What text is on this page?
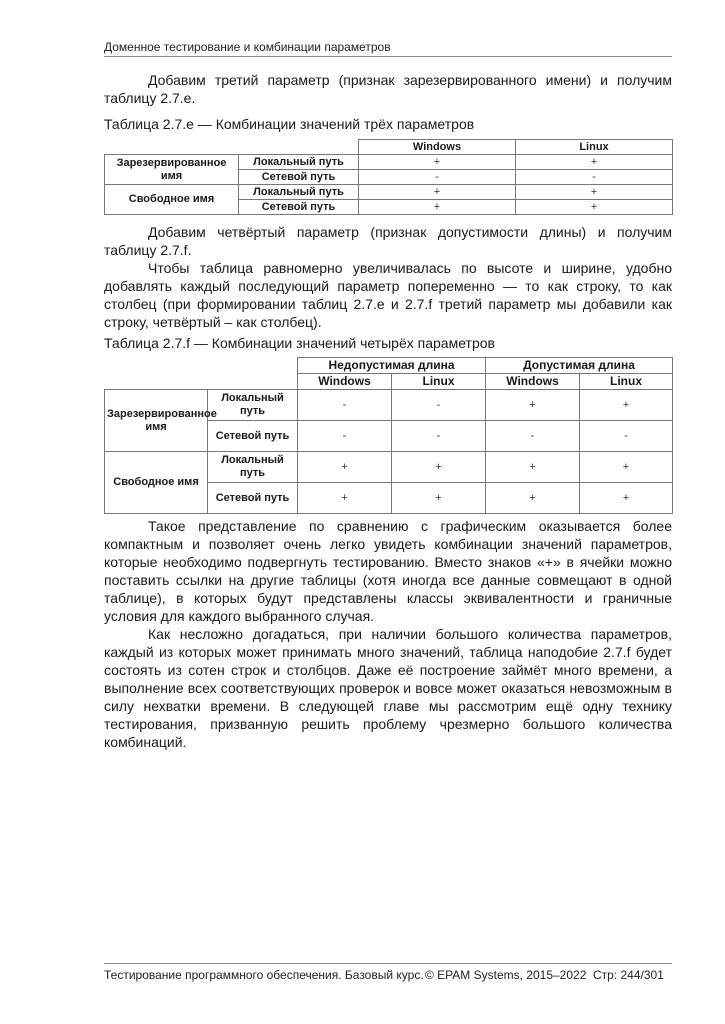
Доменное тестирование и комбинации параметров

Добавим третий параметр (признак зарезервированного имени) и получим таблицу 2.7.e.

Таблица 2.7.e — Комбинации значений трёх параметров
		Windows	Linux
Зарезервированное имя	Локальный путь	+	+
	Сетевой путь	-	-
Свободное имя	Локальный путь	+	+
	Сетевой путь	+	+

Добавим четвёртый параметр (признак допустимости длины) и получим таблицу 2.7.f.

Чтобы таблица равномерно увеличивалась по высоте и ширине, удобно добавлять каждый последующий параметр попеременно — то как строку, то как столбец (при формировании таблиц 2.7.e и 2.7.f третий параметр мы добавили как строку, четвёртый – как столбец).

Таблица 2.7.f — Комбинации значений четырёх параметров
		Недопустимая длина		Допустимая длина	
		Windows	Linux	Windows	Linux
Зарезервированное имя	Локальный путь	-	-	+	+
	Сетевой путь	-	-	-	-
Свободное имя	Локальный путь	+	+	+	+
	Сетевой путь	+	+	+	+

Такое представление по сравнению с графическим оказывается более компактным и позволяет очень легко увидеть комбинации значений параметров, которые необходимо подвергнуть тестированию. Вместо знаков «+» в ячейки можно поставить ссылки на другие таблицы (хотя иногда все данные совмещают в одной таблице), в которых будут представлены классы эквивалентности и граничные условия для каждого выбранного случая.

Как несложно догадаться, при наличии большого количества параметров, каждый из которых может принимать много значений, таблица наподобие 2.7.f будет состоять из сотен строк и столбцов. Даже её построение займёт много времени, а выполнение всех соответствующих проверок и вовсе может оказаться невозможным в силу нехватки времени. В следующей главе мы рассмотрим ещё одну технику тестирования, призванную решить проблему чрезмерно большого количества комбинаций.

Тестирование программного обеспечения. Базовый курс. © EPAM Systems, 2015–2022 Стр: 244/301
